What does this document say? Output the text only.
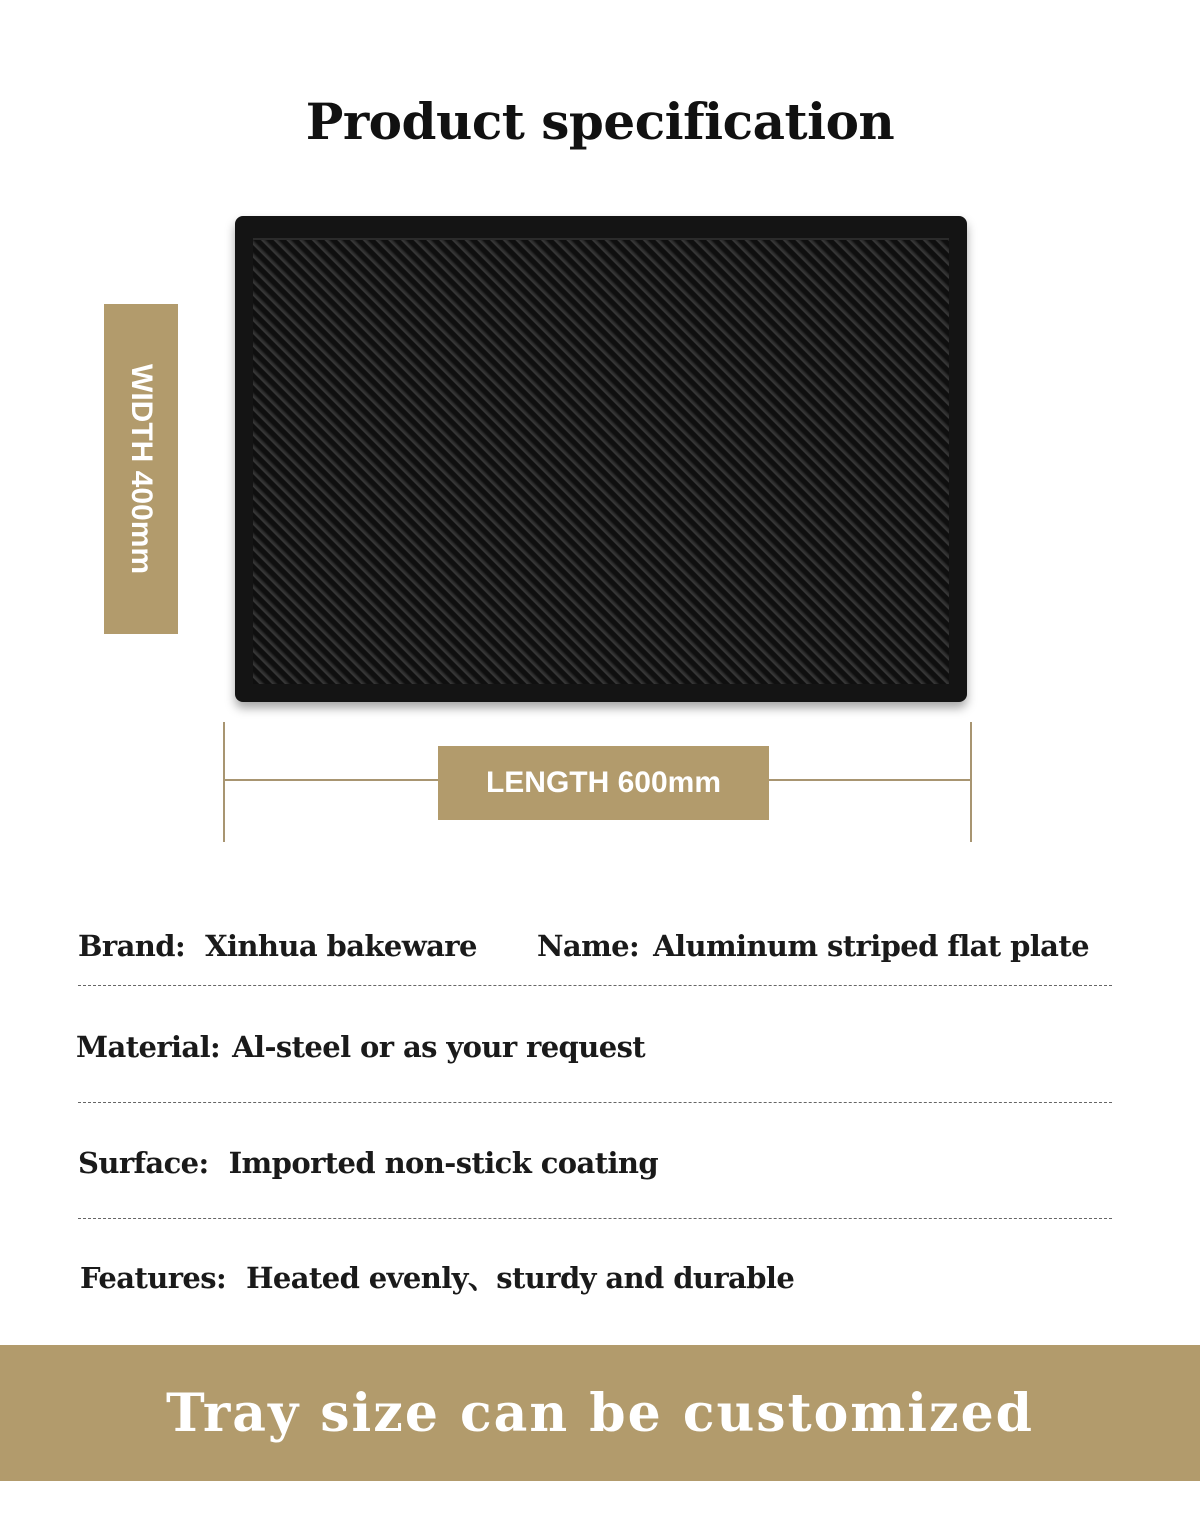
Product specification
WIDTH 400mm
LENGTH 600mm
Brand: Xinhua bakeware Name: Aluminum striped flat plate
Material: Al-steel or as your request
Surface: Imported non-stick coating
Features: Heated evenly、sturdy and durable
Tray size can be customized
